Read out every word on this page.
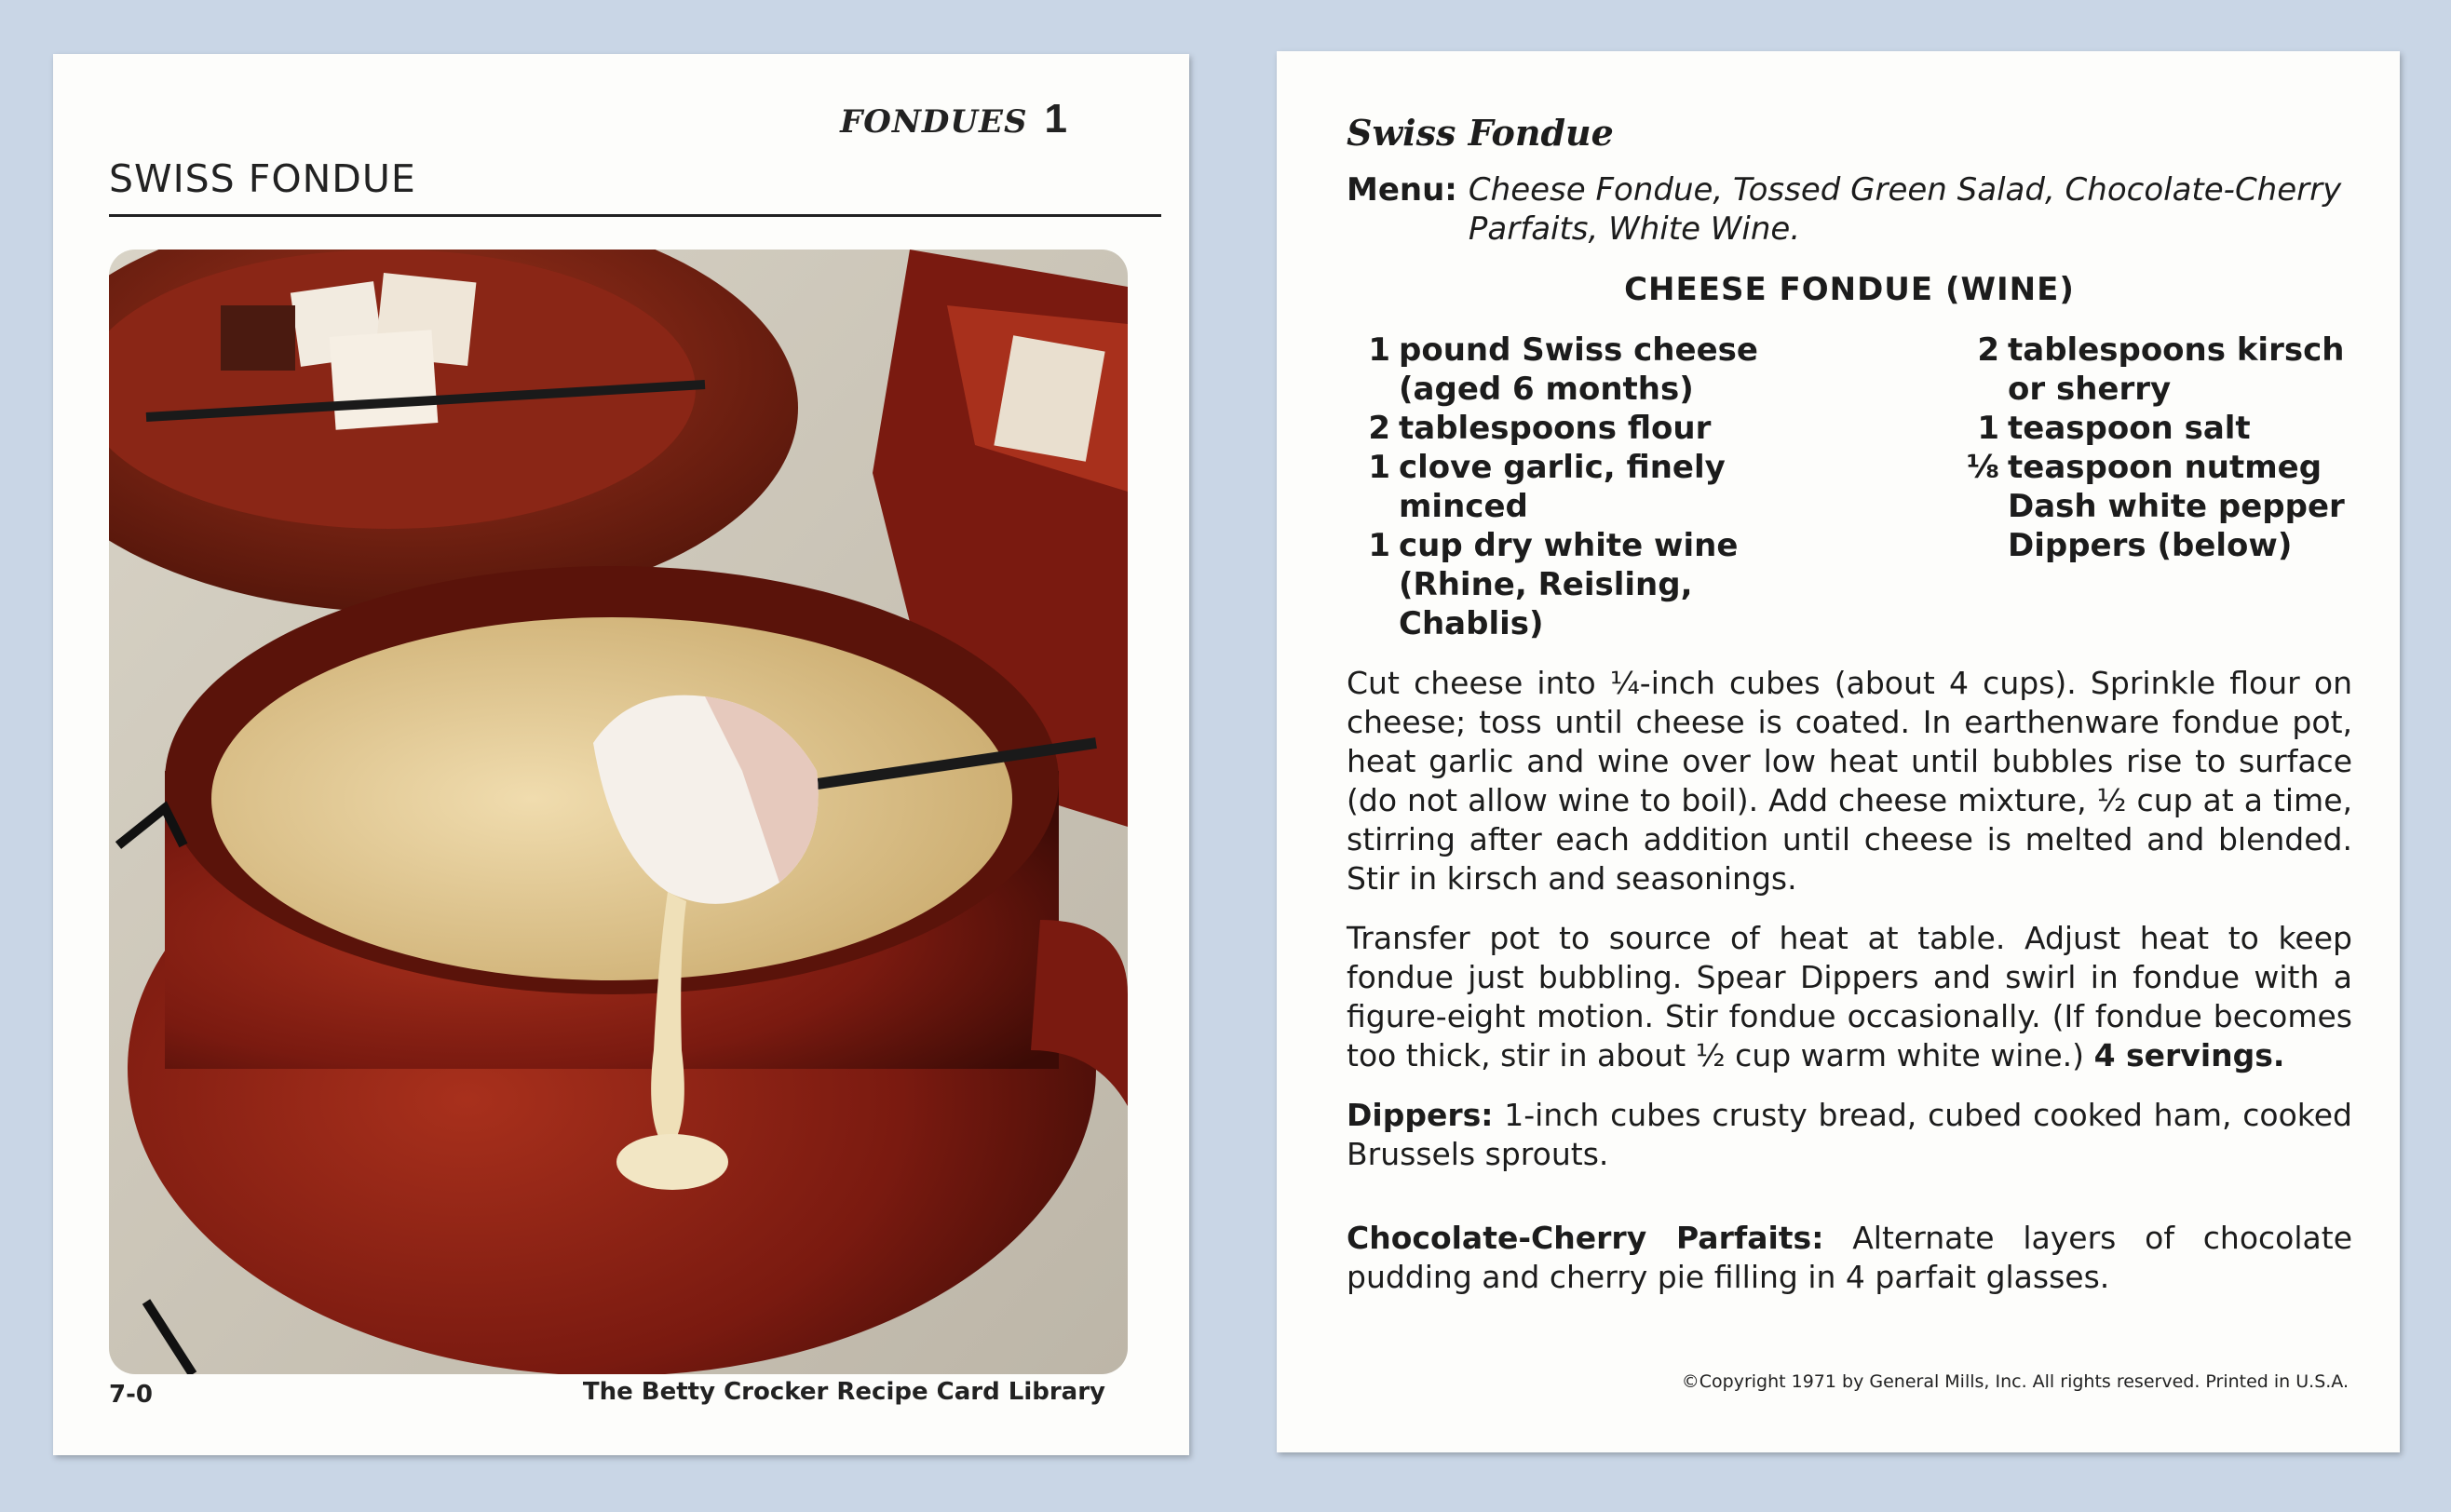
FONDUES 1
SWISS FONDUE
7-0	The Betty Crocker Recipe Card Library
Swiss Fondue
Menu: Cheese Fondue, Tossed Green Salad, Chocolate-Cherry Parfaits, White Wine.
CHEESE FONDUE (WINE)
1 pound Swiss cheese (aged 6 months)
2 tablespoons flour
1 clove garlic, finely minced
1 cup dry white wine (Rhine, Reisling, Chablis)
2 tablespoons kirsch or sherry
1 teaspoon salt
⅛ teaspoon nutmeg
Dash white pepper
Dippers (below)

Cut cheese into ¼-inch cubes (about 4 cups). Sprinkle flour on cheese; toss until cheese is coated. In earthenware fondue pot, heat garlic and wine over low heat until bubbles rise to surface (do not allow wine to boil). Add cheese mixture, ½ cup at a time, stirring after each addition until cheese is melted and blended. Stir in kirsch and seasonings.

Transfer pot to source of heat at table. Adjust heat to keep fondue just bubbling. Spear Dippers and swirl in fondue with a figure-eight motion. Stir fondue occasionally. (If fondue becomes too thick, stir in about ½ cup warm white wine.) 4 servings.

Dippers: 1-inch cubes crusty bread, cubed cooked ham, cooked Brussels sprouts.

Chocolate-Cherry Parfaits: Alternate layers of chocolate pudding and cherry pie filling in 4 parfait glasses.

©Copyright 1971 by General Mills, Inc. All rights reserved. Printed in U.S.A.
